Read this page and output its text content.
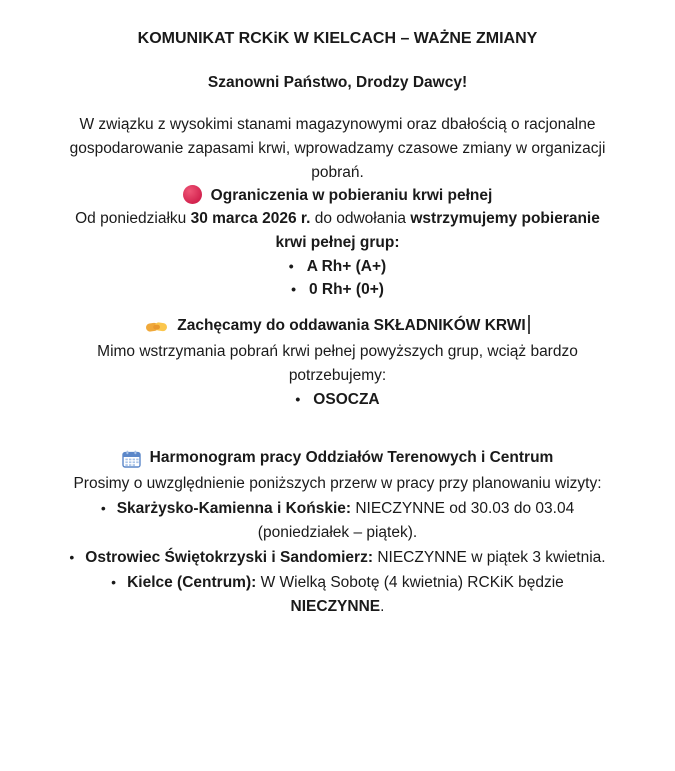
KOMUNIKAT RCKiK W KIELCACH – WAŻNE ZMIANY

Szanowni Państwo, Drodzy Dawcy!

W związku z wysokimi stanami magazynowymi oraz dbałością o racjonalne
gospodarowanie zapasami krwi, wprowadzamy czasowe zmiany w organizacji
pobrań.

Ograniczenia w pobieraniu krwi pełnej

Od poniedziałku 30 marca 2026 r. do odwołania wstrzymujemy pobieranie
krwi pełnej grup:

• A Rh+ (A+)
• 0 Rh+ (0+)
Zachęcamy do oddawania SKŁADNIKÓW KRWI

Mimo wstrzymania pobrań krwi pełnej powyższych grup, wciąż bardzo
potrzebujemy:

• OSOCZA
Harmonogram pracy Oddziałów Terenowych i Centrum

Prosimy o uwzględnienie poniższych przerw w pracy przy planowaniu wizyty:

• Skarżysko-Kamienna i Końskie: NIECZYNNE od 30.03 do 03.04
(poniedziałek – piątek).
• Ostrowiec Świętokrzyski i Sandomierz: NIECZYNNE w piątek 3 kwietnia.
• Kielce (Centrum): W Wielką Sobotę (4 kwietnia) RCKiK będzie
NIECZYNNE.
